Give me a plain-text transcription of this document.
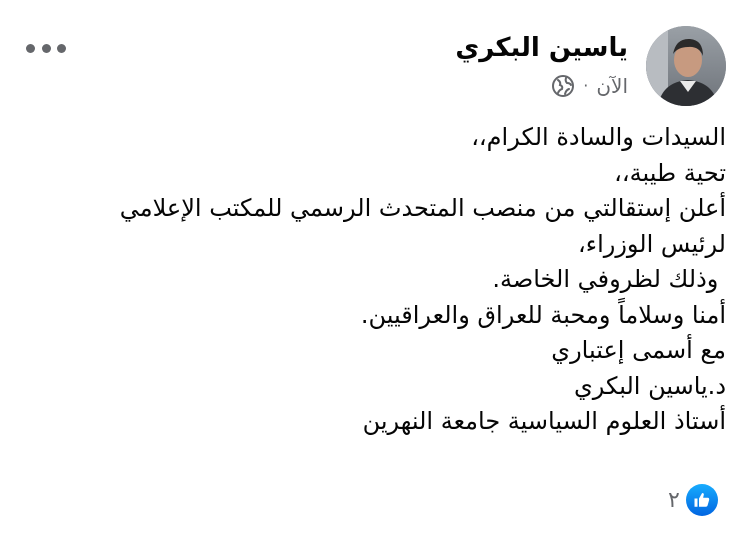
ياسين البكري
الآن
·
السيدات والسادة الكرام،،
تحية طيبة،،
أعلن إستقالتي من منصب المتحدث الرسمي للمكتب الإعلامي
لرئيس الوزراء،
وذلك لظروفي الخاصة.
أمنا وسلاماً ومحبة للعراق والعراقيين.
مع أسمى إعتباري
د.ياسين البكري
أستاذ العلوم السياسية جامعة النهرين
٢
